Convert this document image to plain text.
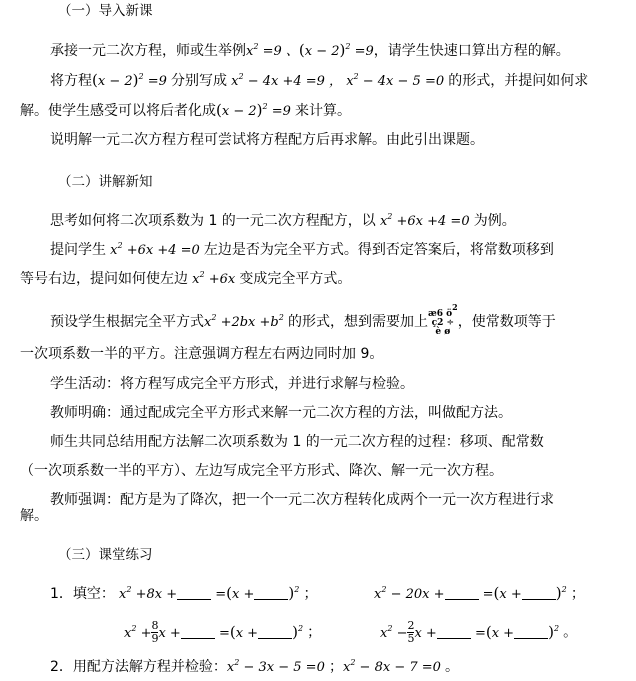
（一）导入新课
承接一元二次方程，师或生举例$x^2 =9$ 、$(x - 2)^2 =9$，请学生快速口算出方程的解。
将方程$(x - 2)^2 =9$ 分别写成 $x^2 - 4x +4 =9$ ， $x^2 - 4x - 5 =0$ 的形式，并提问如何求
解。使学生感受可以将后者化成$(x - 2)^2 =9$ 来计算。
说明解一元二次方程方程可尝试将方程配方后再求解。由此引出课题。
（二）讲解新知
思考如何将二次项系数为 1 的一元二次方程配方，以 $x^2 +6x +4 =0$ 为例。
提问学生 $x^2 +6x +4 =0$ 左边是否为完全平方式。得到否定答案后，将常数项移到
等号右边，提问如何使左边 $x^2 +6x$ 变成完全平方式。
预设学生根据完全平方式$x^2 +2bx +b^2$ 的形式，想到需要加上æ6 $ö^2$
ç2 ÷
è ø，使常数项等于
一次项系数一半的平方。注意强调方程左右两边同时加 9。
学生活动：将方程写成完全平方形式，并进行求解与检验。
教师明确：通过配成完全平方形式来解一元二次方程的方法，叫做配方法。
师生共同总结用配方法解二次项系数为 1 的一元二次方程的过程：移项、配常数
（一次项系数一半的平方）、左边写成完全平方形式、降次、解一元一次方程。
教师强调：配方是为了降次，把一个一元二次方程转化成两个一元一次方程进行求
解。
（三）课堂练习
1．填空： $x^2 +8x$ +	$=(x + )^2$ ；	$x^2 - 20x$ +	$=(x + )^2$ ；
$x^2 + \frac{8}{9}$ x +	$=(x + )^2$ ；	$x^2 - \frac{2}{5}$ x +	$=(x + )^2$ 。
2．用配方法解方程并检验：$x^2 - 3x - 5 =0$ ；$x^2 - 8x - 7 =0$ 。
